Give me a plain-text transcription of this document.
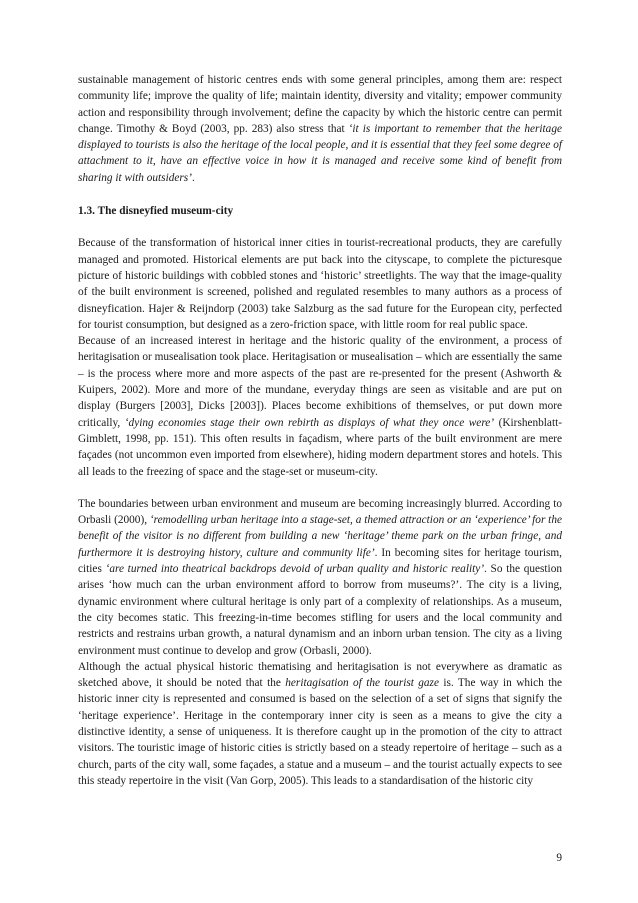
sustainable management of historic centres ends with some general principles, among them are: respect community life; improve the quality of life; maintain identity, diversity and vitality; empower community action and responsibility through involvement; define the capacity by which the historic centre can permit change. Timothy & Boyd (2003, pp. 283) also stress that ‘it is important to remember that the heritage displayed to tourists is also the heritage of the local people, and it is essential that they feel some degree of attachment to it, have an effective voice in how it is managed and receive some kind of benefit from sharing it with outsiders’.

1.3. The disneyfied museum-city

Because of the transformation of historical inner cities in tourist-recreational products, they are carefully managed and promoted. Historical elements are put back into the cityscape, to complete the picturesque picture of historic buildings with cobbled stones and ‘historic’ streetlights. The way that the image-quality of the built environment is screened, polished and regulated resembles to many authors as a process of disneyfication. Hajer & Reijndorp (2003) take Salzburg as the sad future for the European city, perfected for tourist consumption, but designed as a zero-friction space, with little room for real public space.

Because of an increased interest in heritage and the historic quality of the environment, a process of heritagisation or musealisation took place. Heritagisation or musealisation – which are essentially the same – is the process where more and more aspects of the past are re-presented for the present (Ashworth & Kuipers, 2002). More and more of the mundane, everyday things are seen as visitable and are put on display (Burgers [2003], Dicks [2003]). Places become exhibitions of themselves, or put down more critically, ‘dying economies stage their own rebirth as displays of what they once were’ (Kirshenblatt-Gimblett, 1998, pp. 151). This often results in façadism, where parts of the built environment are mere façades (not uncommon even imported from elsewhere), hiding modern department stores and hotels. This all leads to the freezing of space and the stage-set or museum-city.

The boundaries between urban environment and museum are becoming increasingly blurred. According to Orbasli (2000), ‘remodelling urban heritage into a stage-set, a themed attraction or an ‘experience’ for the benefit of the visitor is no different from building a new ‘heritage’ theme park on the urban fringe, and furthermore it is destroying history, culture and community life’. In becoming sites for heritage tourism, cities ‘are turned into theatrical backdrops devoid of urban quality and historic reality’. So the question arises ‘how much can the urban environment afford to borrow from museums?’. The city is a living, dynamic environment where cultural heritage is only part of a complexity of relationships. As a museum, the city becomes static. This freezing-in-time becomes stifling for users and the local community and restricts and restrains urban growth, a natural dynamism and an inborn urban tension. The city as a living environment must continue to develop and grow (Orbasli, 2000).

Although the actual physical historic thematising and heritagisation is not everywhere as dramatic as sketched above, it should be noted that the heritagisation of the tourist gaze is. The way in which the historic inner city is represented and consumed is based on the selection of a set of signs that signify the ‘heritage experience’. Heritage in the contemporary inner city is seen as a means to give the city a distinctive identity, a sense of uniqueness. It is therefore caught up in the promotion of the city to attract visitors. The touristic image of historic cities is strictly based on a steady repertoire of heritage – such as a church, parts of the city wall, some façades, a statue and a museum – and the tourist actually expects to see this steady repertoire in the visit (Van Gorp, 2005). This leads to a standardisation of the historic city

9
